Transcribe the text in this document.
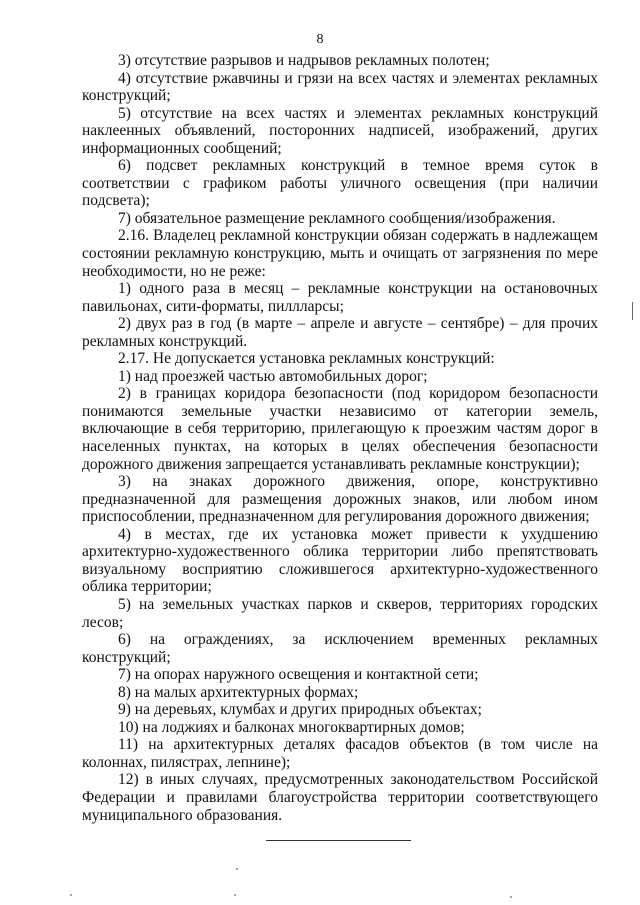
8

3) отсутствие разрывов и надрывов рекламных полотен;

4) отсутствие ржавчины и грязи на всех частях и элементах рекламных конструкций;

5) отсутствие на всех частях и элементах рекламных конструкций наклеенных объявлений, посторонних надписей, изображений, других информационных сообщений;

6) подсвет рекламных конструкций в темное время суток в соответствии с графиком работы уличного освещения (при наличии подсвета);

7) обязательное размещение рекламного сообщения/изображения.

2.16. Владелец рекламной конструкции обязан содержать в надлежащем состоянии рекламную конструкцию, мыть и очищать от загрязнения по мере необходимости, но не реже:

1) одного раза в месяц – рекламные конструкции на остановочных павильонах, сити-форматы, пиллларсы;

2) двух раз в год (в марте – апреле и августе – сентябре) – для прочих рекламных конструкций.

2.17. Не допускается установка рекламных конструкций:

1) над проезжей частью автомобильных дорог;

2) в границах коридора безопасности (под коридором безопасности понимаются земельные участки независимо от категории земель, включающие в себя территорию, прилегающую к проезжим частям дорог в населенных пунктах, на которых в целях обеспечения безопасности дорожного движения запрещается устанавливать рекламные конструкции);

3) на знаках дорожного движения, опоре, конструктивно предназначенной для размещения дорожных знаков, или любом ином приспособлении, предназначенном для регулирования дорожного движения;

4) в местах, где их установка может привести к ухудшению архитектурно-художественного облика территории либо препятствовать визуальному восприятию сложившегося архитектурно-художественного облика территории;

5) на земельных участках парков и скверов, территориях городских лесов;

6) на ограждениях, за исключением временных рекламных конструкций;

7) на опорах наружного освещения и контактной сети;

8) на малых архитектурных формах;

9) на деревьях, клумбах и других природных объектах;

10) на лоджиях и балконах многоквартирных домов;

11) на архитектурных деталях фасадов объектов (в том числе на колоннах, пилястрах, лепнине);

12) в иных случаях, предусмотренных законодательством Российской Федерации и правилами благоустройства территории соответствующего муниципального образования.
